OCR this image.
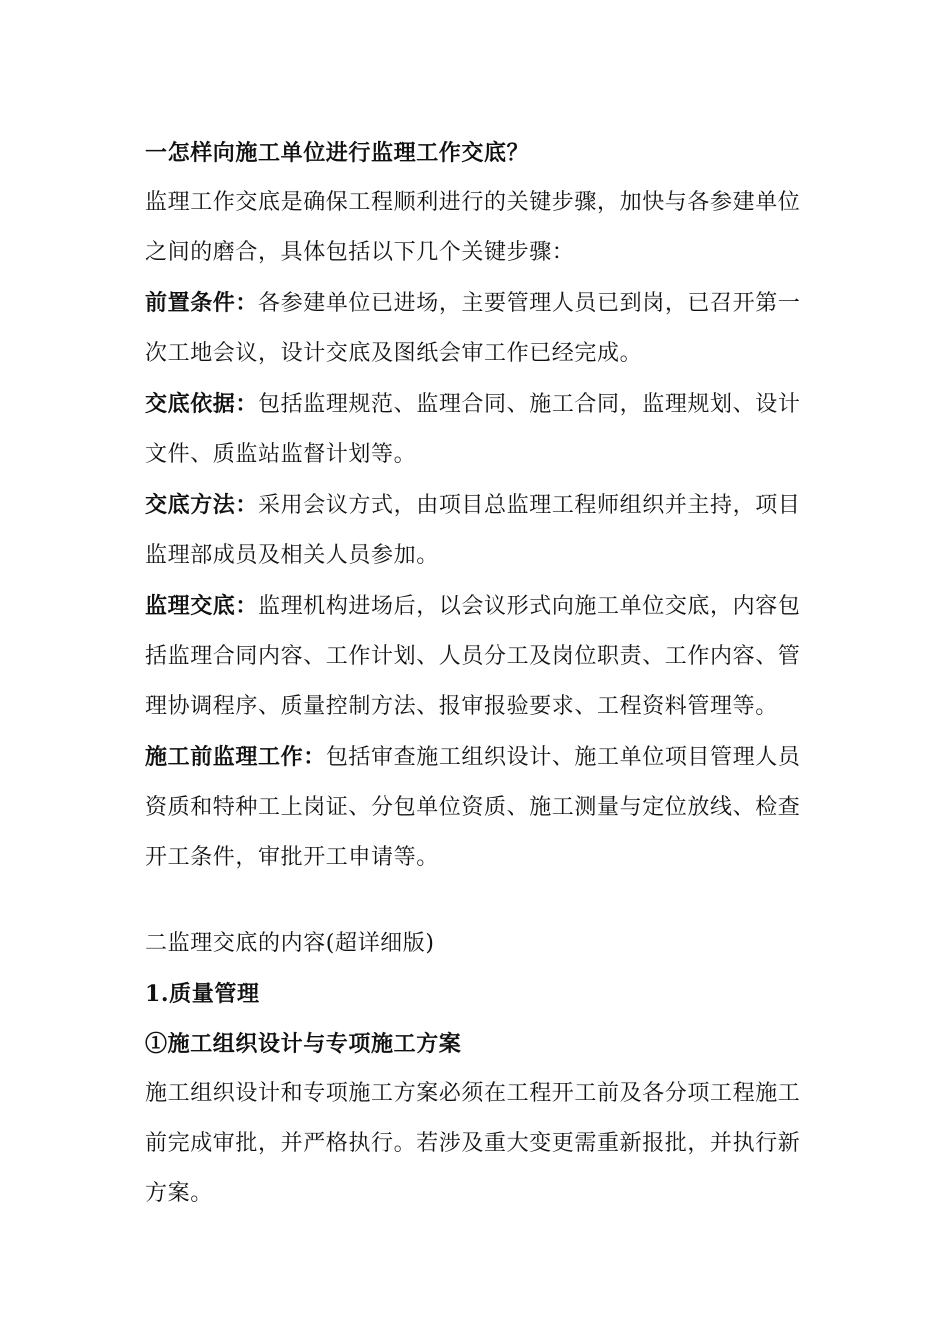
一怎样向施工单位进行监理工作交底？

监理工作交底是确保工程顺利进行的关键步骤，加快与各参建单位之间的磨合，具体包括以下几个关键步骤：

前置条件：各参建单位已进场，主要管理人员已到岗，已召开第一次工地会议，设计交底及图纸会审工作已经完成。

交底依据：包括监理规范、监理合同、施工合同，监理规划、设计文件、质监站监督计划等。

交底方法：采用会议方式，由项目总监理工程师组织并主持，项目监理部成员及相关人员参加。

监理交底：监理机构进场后，以会议形式向施工单位交底，内容包括监理合同内容、工作计划、人员分工及岗位职责、工作内容、管理协调程序、质量控制方法、报审报验要求、工程资料管理等。

施工前监理工作：包括审查施工组织设计、施工单位项目管理人员资质和特种工上岗证、分包单位资质、施工测量与定位放线、检查开工条件，审批开工申请等。

二监理交底的内容(超详细版)

1.质量管理

①施工组织设计与专项施工方案

施工组织设计和专项施工方案必须在工程开工前及各分项工程施工前完成审批，并严格执行。若涉及重大变更需重新报批，并执行新方案。
